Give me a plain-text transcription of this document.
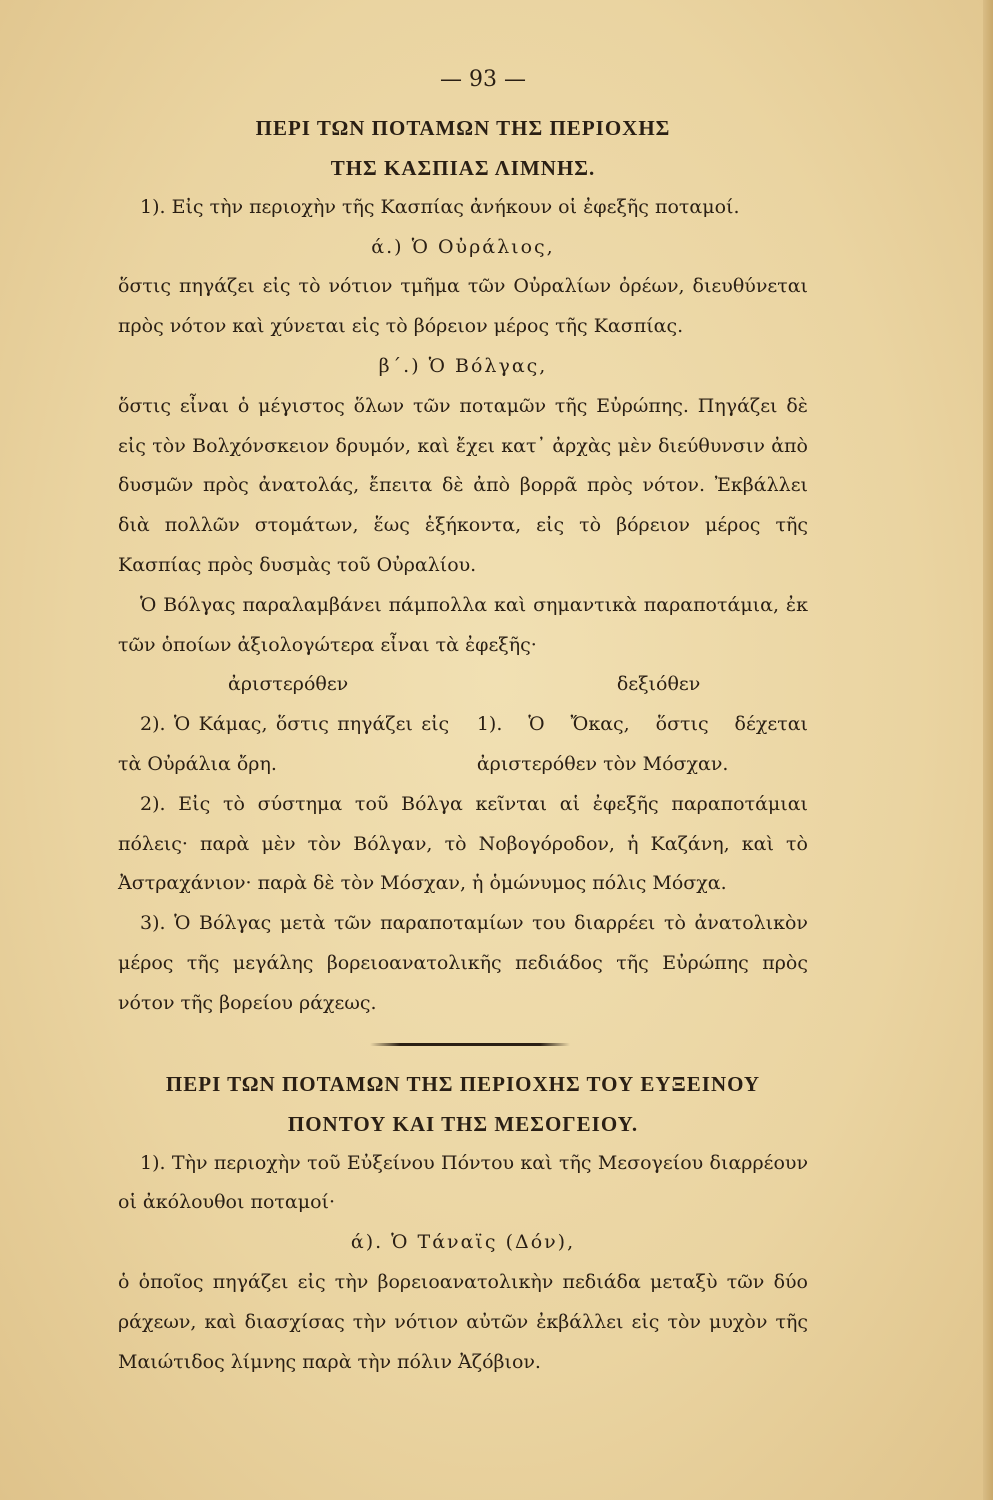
— 93 —
ΠΕΡΙ ΤΩΝ ΠΟΤΑΜΩΝ ΤΗΣ ΠΕΡΙΟΧΗΣ
ΤΗΣ ΚΑΣΠΙΑΣ ΛΙΜΝΗΣ.

1). Εἰς τὴν περιοχὴν τῆς Κασπίας ἀνήκουν οἱ ἐφεξῆς ποταμοί.

ά.) Ὁ Οὐράλιος,

ὅστις πηγάζει εἰς τὸ νότιον τμῆμα τῶν Οὐραλίων ὀρέων, διευθύνεται πρὸς νότον καὶ χύνεται εἰς τὸ βόρειον μέρος τῆς Κασπίας.

β΄.) Ὁ Βόλγας,

ὅστις εἶναι ὁ μέγιστος ὅλων τῶν ποταμῶν τῆς Εὐρώπης. Πηγάζει δὲ εἰς τὸν Βολχόνσκειον δρυμόν, καὶ ἔχει κατ᾽ ἀρχὰς μὲν διεύθυνσιν ἀπὸ δυσμῶν πρὸς ἀνατολάς, ἔπειτα δὲ ἀπὸ βορρᾶ πρὸς νότον. Ἐκβάλλει διὰ πολλῶν στομάτων, ἕως ἑξήκοντα, εἰς τὸ βόρειον μέρος τῆς Κασπίας πρὸς δυσμὰς τοῦ Οὐραλίου.

Ὁ Βόλγας παραλαμβάνει πάμπολλα καὶ σημαντικὰ παραποτάμια, ἐκ τῶν ὁποίων ἀξιολογώτερα εἶναι τὰ ἐφεξῆς·

ἀριστερόθεν

2). Ὁ Κάμας, ὅστις πηγάζει εἰς τὰ Οὐράλια ὄρη.

δεξιόθεν

1). Ὁ Ὄκας, ὅστις δέχεται ἀριστερόθεν τὸν Μόσχαν.

2). Εἰς τὸ σύστημα τοῦ Βόλγα κεῖνται αἱ ἐφεξῆς παραποτάμιαι πόλεις· παρὰ μὲν τὸν Βόλγαν, τὸ Νοβογόροδον, ἡ Καζάνη, καὶ τὸ Ἀστραχάνιον· παρὰ δὲ τὸν Μόσχαν, ἡ ὁμώνυμος πόλις Μόσχα.

3). Ὁ Βόλγας μετὰ τῶν παραποταμίων του διαρρέει τὸ ἀνατολικὸν μέρος τῆς μεγάλης βορειοανατολικῆς πεδιάδος τῆς Εὐρώπης πρὸς νότον τῆς βορείου ράχεως.

ΠΕΡΙ ΤΩΝ ΠΟΤΑΜΩΝ ΤΗΣ ΠΕΡΙΟΧΗΣ ΤΟΥ ΕΥΞΕΙΝΟΥ
ΠΟΝΤΟΥ ΚΑΙ ΤΗΣ ΜΕΣΟΓΕΙΟΥ.

1). Τὴν περιοχὴν τοῦ Εὐξείνου Πόντου καὶ τῆς Μεσογείου διαρρέουν οἱ ἀκόλουθοι ποταμοί·

ά). Ὁ Τάναϊς (Δόν),

ὁ ὁποῖος πηγάζει εἰς τὴν βορειοανατολικὴν πεδιάδα μεταξὺ τῶν δύο ράχεων, καὶ διασχίσας τὴν νότιον αὐτῶν ἐκβάλλει εἰς τὸν μυχὸν τῆς Μαιώτιδος λίμνης παρὰ τὴν πόλιν Ἀζόβιον.
